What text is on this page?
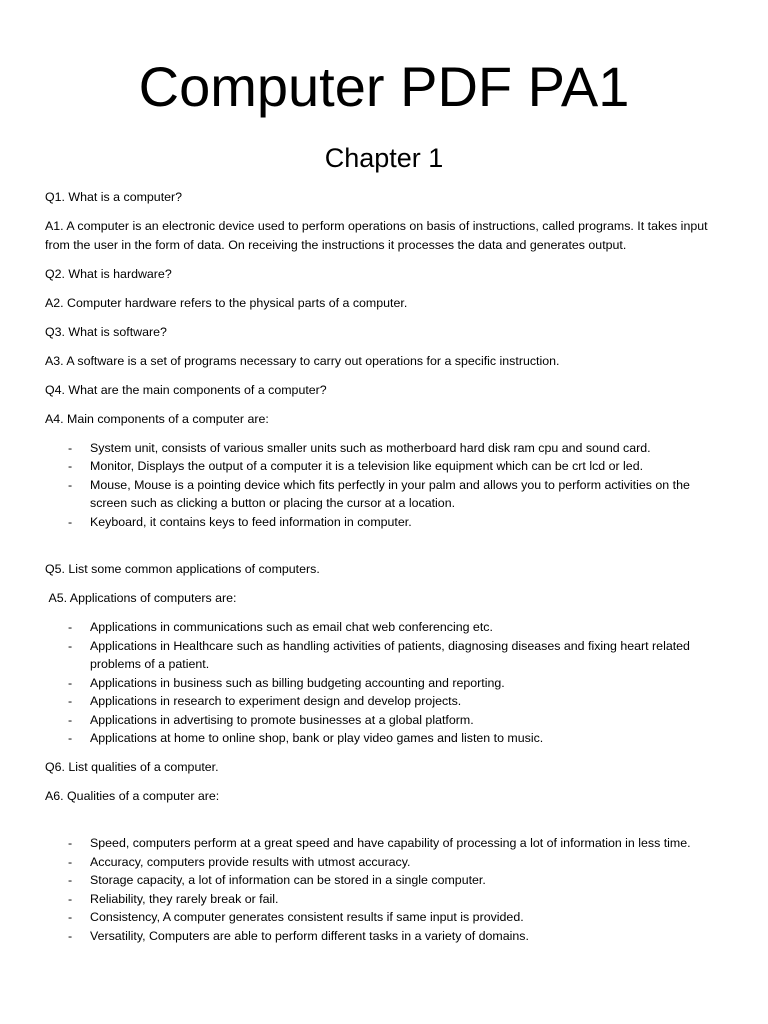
Computer PDF PA1
Chapter 1

Q1. What is a computer?

A1. A computer is an electronic device used to perform operations on basis of instructions, called programs. It takes input from the user in the form of data. On receiving the instructions it processes the data and generates output.

Q2. What is hardware?

A2. Computer hardware refers to the physical parts of a computer.

Q3. What is software?

A3. A software is a set of programs necessary to carry out operations for a specific instruction.

Q4. What are the main components of a computer?

A4. Main components of a computer are:

- System unit, consists of various smaller units such as motherboard hard disk ram cpu and sound card.
- Monitor, Displays the output of a computer it is a television like equipment which can be crt lcd or led.
- Mouse, Mouse is a pointing device which fits perfectly in your palm and allows you to perform activities on the screen such as clicking a button or placing the cursor at a location.
- Keyboard, it contains keys to feed information in computer.

Q5. List some common applications of computers.

A5. Applications of computers are:

- Applications in communications such as email chat web conferencing etc.
- Applications in Healthcare such as handling activities of patients, diagnosing diseases and fixing heart related problems of a patient.
- Applications in business such as billing budgeting accounting and reporting.
- Applications in research to experiment design and develop projects.
- Applications in advertising to promote businesses at a global platform.
- Applications at home to online shop, bank or play video games and listen to music.

Q6. List qualities of a computer.

A6. Qualities of a computer are:

- Speed, computers perform at a great speed and have capability of processing a lot of information in less time.
- Accuracy, computers provide results with utmost accuracy.
- Storage capacity, a lot of information can be stored in a single computer.
- Reliability, they rarely break or fail.
- Consistency, A computer generates consistent results if same input is provided.
- Versatility, Computers are able to perform different tasks in a variety of domains.
